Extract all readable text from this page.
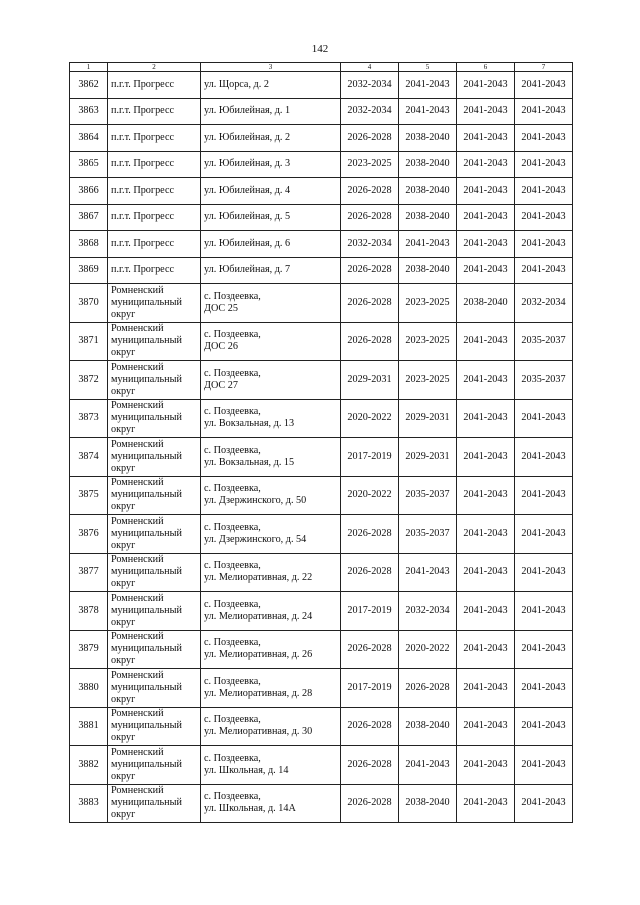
142
1	2	3	4	5	6	7
3862	п.г.т. Прогресс	ул. Щорса, д. 2	2032-2034	2041-2043	2041-2043	2041-2043
3863	п.г.т. Прогресс	ул. Юбилейная, д. 1	2032-2034	2041-2043	2041-2043	2041-2043
3864	п.г.т. Прогресс	ул. Юбилейная, д. 2	2026-2028	2038-2040	2041-2043	2041-2043
3865	п.г.т. Прогресс	ул. Юбилейная, д. 3	2023-2025	2038-2040	2041-2043	2041-2043
3866	п.г.т. Прогресс	ул. Юбилейная, д. 4	2026-2028	2038-2040	2041-2043	2041-2043
3867	п.г.т. Прогресс	ул. Юбилейная, д. 5	2026-2028	2038-2040	2041-2043	2041-2043
3868	п.г.т. Прогресс	ул. Юбилейная, д. 6	2032-2034	2041-2043	2041-2043	2041-2043
3869	п.г.т. Прогресс	ул. Юбилейная, д. 7	2026-2028	2038-2040	2041-2043	2041-2043
3870	Ромненский
муниципальный
округ	с. Поздеевка,
ДОС 25	2026-2028	2023-2025	2038-2040	2032-2034
3871	Ромненский
муниципальный
округ	с. Поздеевка,
ДОС 26	2026-2028	2023-2025	2041-2043	2035-2037
3872	Ромненский
муниципальный
округ	с. Поздеевка,
ДОС 27	2029-2031	2023-2025	2041-2043	2035-2037
3873	Ромненский
муниципальный
округ	с. Поздеевка,
ул. Вокзальная, д. 13	2020-2022	2029-2031	2041-2043	2041-2043
3874	Ромненский
муниципальный
округ	с. Поздеевка,
ул. Вокзальная, д. 15	2017-2019	2029-2031	2041-2043	2041-2043
3875	Ромненский
муниципальный
округ	с. Поздеевка,
ул. Дзержинского, д. 50	2020-2022	2035-2037	2041-2043	2041-2043
3876	Ромненский
муниципальный
округ	с. Поздеевка,
ул. Дзержинского, д. 54	2026-2028	2035-2037	2041-2043	2041-2043
3877	Ромненский
муниципальный
округ	с. Поздеевка,
ул. Мелиоративная, д. 22	2026-2028	2041-2043	2041-2043	2041-2043
3878	Ромненский
муниципальный
округ	с. Поздеевка,
ул. Мелиоративная, д. 24	2017-2019	2032-2034	2041-2043	2041-2043
3879	Ромненский
муниципальный
округ	с. Поздеевка,
ул. Мелиоративная, д. 26	2026-2028	2020-2022	2041-2043	2041-2043
3880	Ромненский
муниципальный
округ	с. Поздеевка,
ул. Мелиоративная, д. 28	2017-2019	2026-2028	2041-2043	2041-2043
3881	Ромненский
муниципальный
округ	с. Поздеевка,
ул. Мелиоративная, д. 30	2026-2028	2038-2040	2041-2043	2041-2043
3882	Ромненский
муниципальный
округ	с. Поздеевка,
ул. Школьная, д. 14	2026-2028	2041-2043	2041-2043	2041-2043
3883	Ромненский
муниципальный
округ	с. Поздеевка,
ул. Школьная, д. 14А	2026-2028	2038-2040	2041-2043	2041-2043
